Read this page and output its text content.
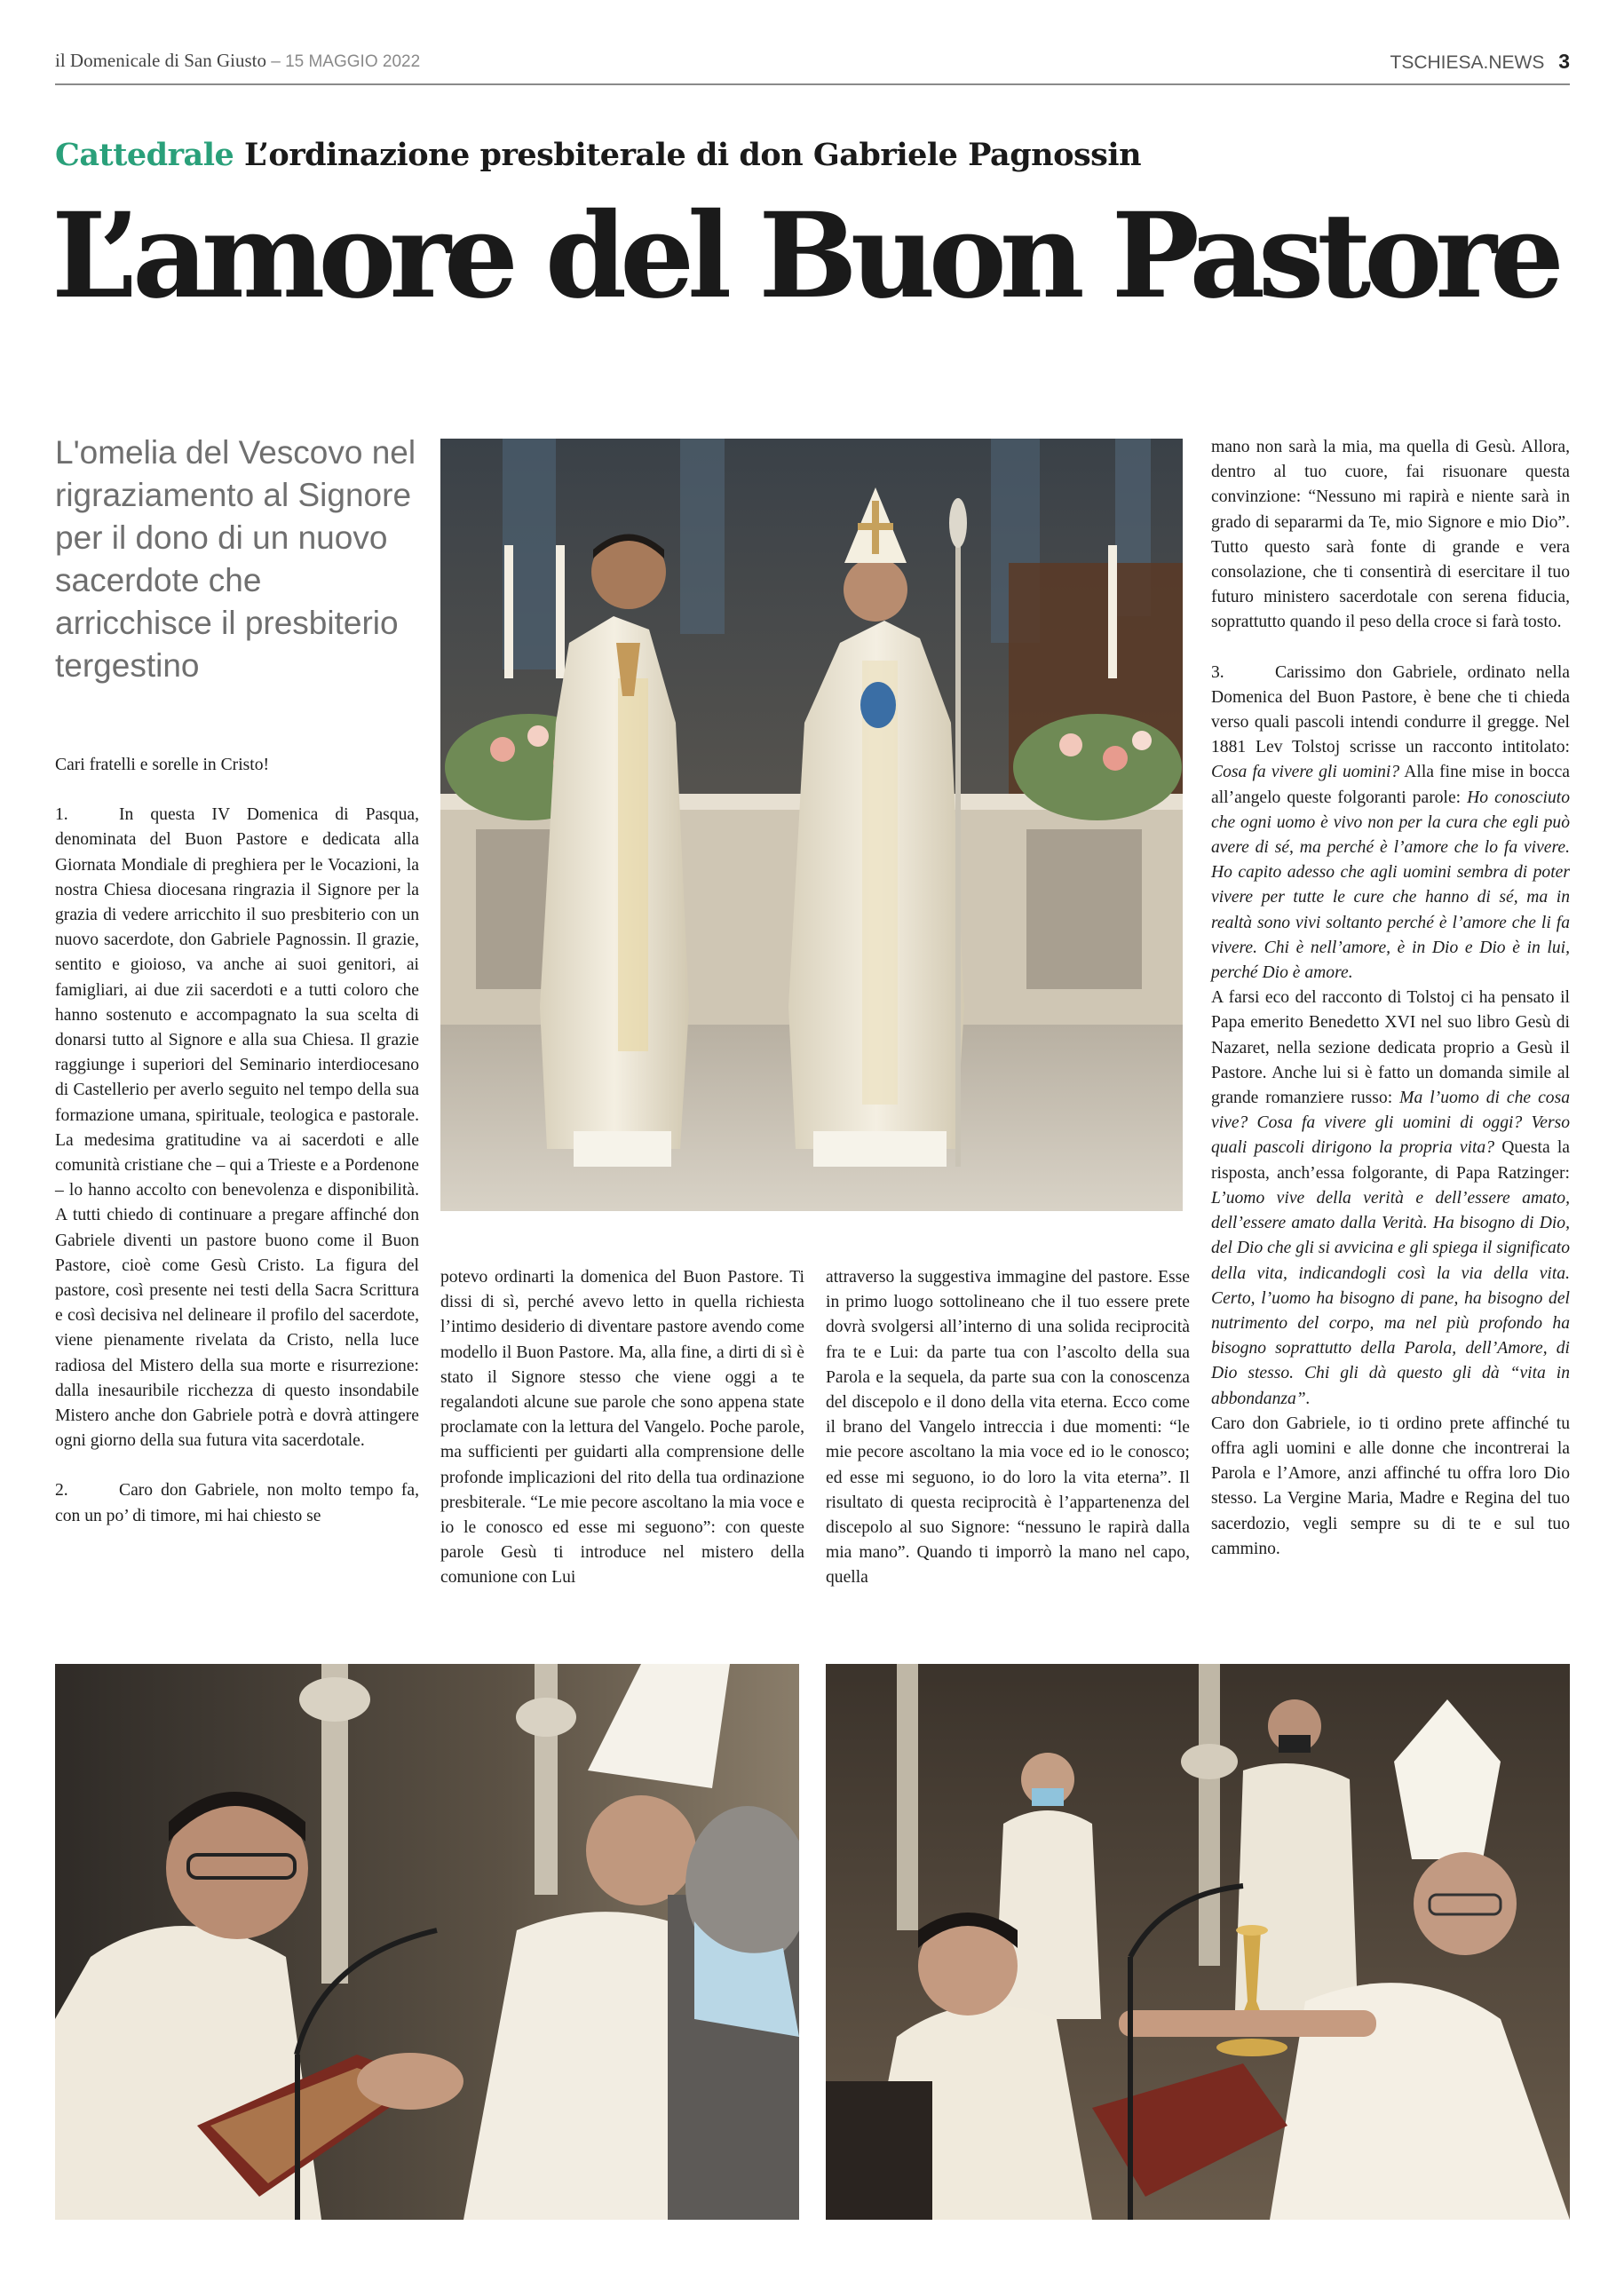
il Domenicale di San Giusto – 15 MAGGIO 2022	TSCHIESA.NEWS 3
Cattedrale L’ordinazione presbiterale di don Gabriele Pagnossin
L’amore del Buon Pastore
L'omelia del Vescovo nel rigraziamento al Signore per il dono di un nuovo sacerdote che arricchisce il presbiterio tergestino

Cari fratelli e sorelle in Cristo!

1.	In questa IV Domenica di Pasqua, denominata del Buon Pastore e dedicata alla Giornata Mondiale di preghiera per le Vocazioni, la nostra Chiesa diocesana ringrazia il Signore per la grazia di vedere arricchito il suo presbiterio con un nuovo sacerdote, don Gabriele Pagnossin. Il grazie, sentito e gioioso, va anche ai suoi genitori, ai famigliari, ai due zii sacerdoti e a tutti coloro che hanno sostenuto e accompagnato la sua scelta di donarsi tutto al Signore e alla sua Chiesa. Il grazie raggiunge i superiori del Seminario interdiocesano di Castellerio per averlo seguito nel tempo della sua formazione umana, spirituale, teologica e pastorale. La medesima gratitudine va ai sacerdoti e alle comunità cristiane che – qui a Trieste e a Pordenone – lo hanno accolto con benevolenza e disponibilità. A tutti chiedo di continuare a pregare affinché don Gabriele diventi un pastore buono come il Buon Pastore, cioè come Gesù Cristo. La figura del pastore, così presente nei testi della Sacra Scrittura e così decisiva nel delineare il profilo del sacerdote, viene pienamente rivelata da Cristo, nella luce radiosa del Mistero della sua morte e risurrezione: dalla inesauribile ricchezza di questo insondabile Mistero anche don Gabriele potrà e dovrà attingere ogni giorno della sua futura vita sacerdotale.

2.	Caro don Gabriele, non molto tempo fa, con un po’ di timore, mi hai chiesto se

potevo ordinarti la domenica del Buon Pastore. Ti dissi di sì, perché avevo letto in quella richiesta l’intimo desiderio di diventare pastore avendo come modello il Buon Pastore. Ma, alla fine, a dirti di sì è stato il Signore stesso che viene oggi a te regalandoti alcune sue parole che sono appena state proclamate con la lettura del Vangelo. Poche parole, ma sufficienti per guidarti alla comprensione delle profonde implicazioni del rito della tua ordinazione presbiterale. “Le mie pecore ascoltano la mia voce e io le conosco ed esse mi seguono”: con queste parole Gesù ti introduce nel mistero della comunione con Lui

attraverso la suggestiva immagine del pastore. Esse in primo luogo sottolineano che il tuo essere prete dovrà svolgersi all’interno di una solida reciprocità fra te e Lui: da parte tua con l’ascolto della sua Parola e la sequela, da parte sua con la conoscenza del discepolo e il dono della vita eterna. Ecco come il brano del Vangelo intreccia i due momenti: “le mie pecore ascoltano la mia voce ed io le conosco; ed esse mi seguono, io do loro la vita eterna”. Il risultato di questa reciprocità è l’appartenenza del discepolo al suo Signore: “nessuno le rapirà dalla mia mano”. Quando ti imporrò la mano nel capo, quella

mano non sarà la mia, ma quella di Gesù. Allora, dentro al tuo cuore, fai risuonare questa convinzione: “Nessuno mi rapirà e niente sarà in grado di separarmi da Te, mio Signore e mio Dio”. Tutto questo sarà fonte di grande e vera consolazione, che ti consentirà di esercitare il tuo futuro ministero sacerdotale con serena fiducia, soprattutto quando il peso della croce si farà tosto.

3.	Carissimo don Gabriele, ordinato nella Domenica del Buon Pastore, è bene che ti chieda verso quali pascoli intendi condurre il gregge. Nel 1881 Lev Tolstoj scrisse un racconto intitolato: Cosa fa vivere gli uomini? Alla fine mise in bocca all’angelo queste folgoranti parole: Ho conosciuto che ogni uomo è vivo non per la cura che egli può avere di sé, ma perché è l’amore che lo fa vivere. Ho capito adesso che agli uomini sembra di poter vivere per tutte le cure che hanno di sé, ma in realtà sono vivi soltanto perché è l’amore che li fa vivere. Chi è nell’amore, è in Dio e Dio è in lui, perché Dio è amore.

A farsi eco del racconto di Tolstoj ci ha pensato il Papa emerito Benedetto XVI nel suo libro Gesù di Nazaret, nella sezione dedicata proprio a Gesù il Pastore. Anche lui si è fatto un domanda simile al grande romanziere russo: Ma l’uomo di che cosa vive? Cosa fa vivere gli uomini di oggi? Verso quali pascoli dirigono la propria vita? Questa la risposta, anch’essa folgorante, di Papa Ratzinger: L’uomo vive della verità e dell’essere amato, dell’essere amato dalla Verità. Ha bisogno di Dio, del Dio che gli si avvicina e gli spiega il significato della vita, indicandogli così la via della vita. Certo, l’uomo ha bisogno di pane, ha bisogno del nutrimento del corpo, ma nel più profondo ha bisogno soprattutto della Parola, dell’Amore, di Dio stesso. Chi gli dà questo gli dà “vita in abbondanza”.

Caro don Gabriele, io ti ordino prete affinché tu offra agli uomini e alle donne che incontrerai la Parola e l’Amore, anzi affinché tu offra loro Dio stesso. La Vergine Maria, Madre e Regina del tuo sacerdozio, vegli sempre su di te e sul tuo cammino.
